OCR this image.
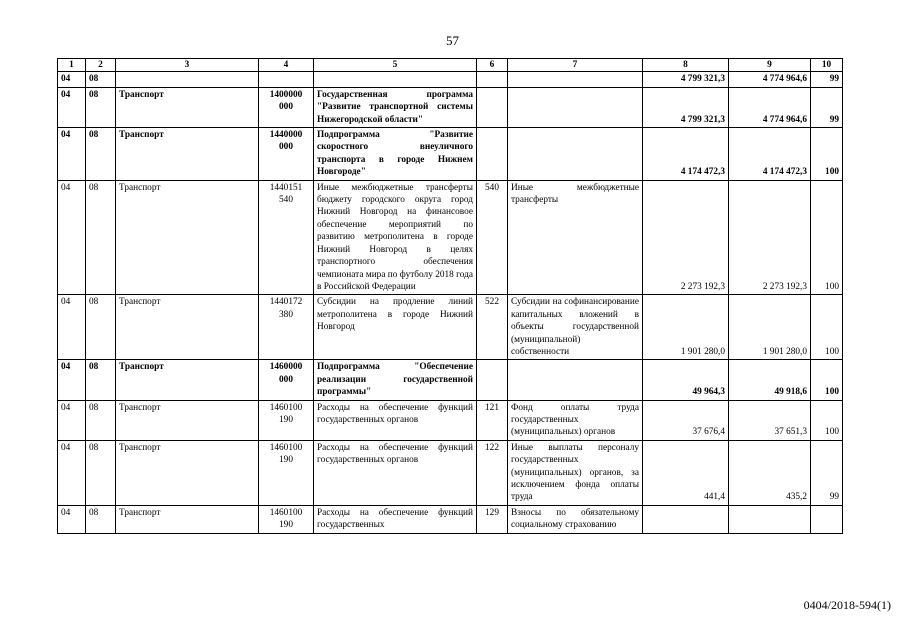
57
1	2	3	4	5	6	7	8	9	10
04	08						4 799 321,3	4 774 964,6	99
04	08	Транспорт	1400000 000	Государственная программа "Развитие транспортной системы Нижегородской области"			4 799 321,3	4 774 964,6	99
04	08	Транспорт	1440000 000	Подпрограмма "Развитие скоростного внеуличного транспорта в городе Нижнем Новгороде"			4 174 472,3	4 174 472,3	100
04	08	Транспорт	1440151 540	Иные межбюджетные трансферты бюджету городского округа город Нижний Новгород на финансовое обеспечение мероприятий по развитию метрополитена в городе Нижний Новгород в целях транспортного обеспечения чемпионата мира по футболу 2018 года в Российской Федерации	540	Иные межбюджетные трансферты	2 273 192,3	2 273 192,3	100
04	08	Транспорт	1440172 380	Субсидии на продление линий метрополитена в городе Нижний Новгород	522	Субсидии на софинансирование капитальных вложений в объекты государственной (муниципальной) собственности	1 901 280,0	1 901 280,0	100
04	08	Транспорт	1460000 000	Подпрограмма "Обеспечение реализации государственной программы"			49 964,3	49 918,6	100
04	08	Транспорт	1460100 190	Расходы на обеспечение функций государственных органов	121	Фонд оплаты труда государственных (муниципальных) органов	37 676,4	37 651,3	100
04	08	Транспорт	1460100 190	Расходы на обеспечение функций государственных органов	122	Иные выплаты персоналу государственных (муниципальных) органов, за исключением фонда оплаты труда	441,4	435,2	99
04	08	Транспорт	1460100 190	Расходы на обеспечение функций государственных	129	Взносы по обязательному социальному страхованию			
0404/2018-594(1)
